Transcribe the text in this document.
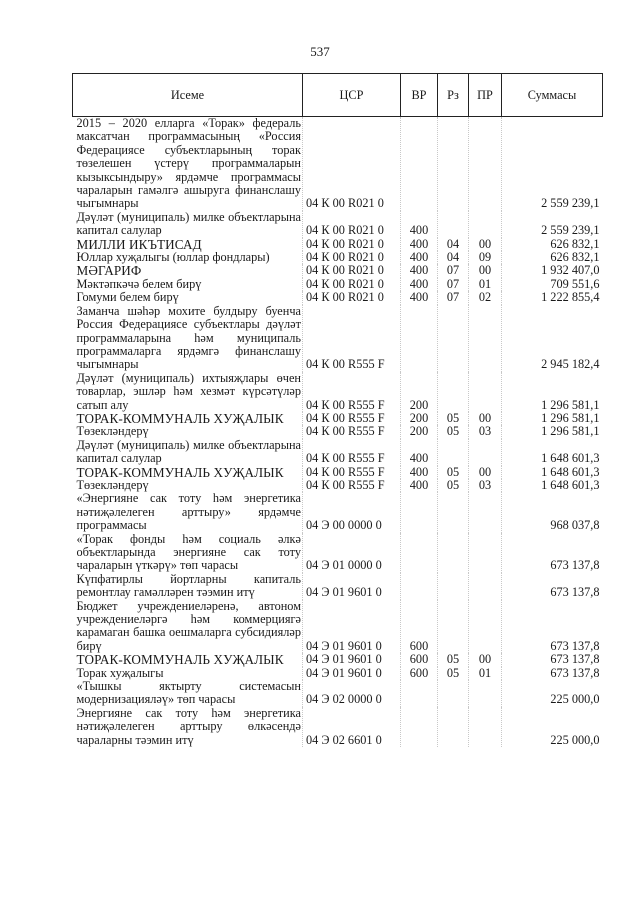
537
Исеме	ЦСР	ВР	Рз	ПР	Суммасы
2015 – 2020 елларга «Торак» федераль максатчан программасының «Россия Федерациясе субъектларының торак төзелешен үстерү программаларын кызыксындыру» ярдәмче программасы чараларын гамәлгә ашыруга финанслашу чыгымнары	04 К 00 R021 0				2 559 239,1
Дәүләт (муниципаль) милке объектларына капитал салулар	04 К 00 R021 0	400			2 559 239,1
МИЛЛИ ИКЪТИСАД	04 К 00 R021 0	400	04	00	626 832,1
Юллар хуҗалыгы (юллар фондлары)	04 К 00 R021 0	400	04	09	626 832,1
МӘГАРИФ	04 К 00 R021 0	400	07	00	1 932 407,0
Мәктәпкәчә белем бирү	04 К 00 R021 0	400	07	01	709 551,6
Гомуми белем бирү	04 К 00 R021 0	400	07	02	1 222 855,4
Заманча шәһәр мохите булдыру буенча Россия Федерациясе субъектлары дәүләт программаларына һәм муниципаль программаларга ярдәмгә финанслашу чыгымнары	04 К 00 R555 F				2 945 182,4
Дәүләт (муниципаль) ихтыяҗлары өчен товарлар, эшләр һәм хезмәт күрсәтүләр сатып алу	04 К 00 R555 F	200			1 296 581,1
ТОРАК-КОММУНАЛЬ ХУҖАЛЫК	04 К 00 R555 F	200	05	00	1 296 581,1
Төзекләндерү	04 К 00 R555 F	200	05	03	1 296 581,1
Дәүләт (муниципаль) милке объектларына капитал салулар	04 К 00 R555 F	400			1 648 601,3
ТОРАК-КОММУНАЛЬ ХУҖАЛЫК	04 К 00 R555 F	400	05	00	1 648 601,3
Төзекләндерү	04 К 00 R555 F	400	05	03	1 648 601,3
«Энергияне сак тоту һәм энергетика нәтиҗәлелеген арттыру» ярдәмче программасы	04 Э 00 0000 0				968 037,8
«Торак фонды һәм социаль әлкә объектларында энергияне сак тоту чараларын үткәрү» төп чарасы	04 Э 01 0000 0				673 137,8
Күпфатирлы йортларны капиталь ремонтлау гамәлләрен тәэмин итү	04 Э 01 9601 0				673 137,8
Бюджет учреждениеләренә, автоном учреждениеләргә һәм коммерциягә карамаган башка оешмаларга субсидияләр бирү	04 Э 01 9601 0	600			673 137,8
ТОРАК-КОММУНАЛЬ ХУҖАЛЫК	04 Э 01 9601 0	600	05	00	673 137,8
Торак хуҗалыгы	04 Э 01 9601 0	600	05	01	673 137,8
«Тышкы яктырту системасын модернизацияләү» төп чарасы	04 Э 02 0000 0				225 000,0
Энергияне сак тоту һәм энергетика нәтиҗәлелеген арттыру өлкәсендә чараларны тәэмин итү	04 Э 02 6601 0				225 000,0
